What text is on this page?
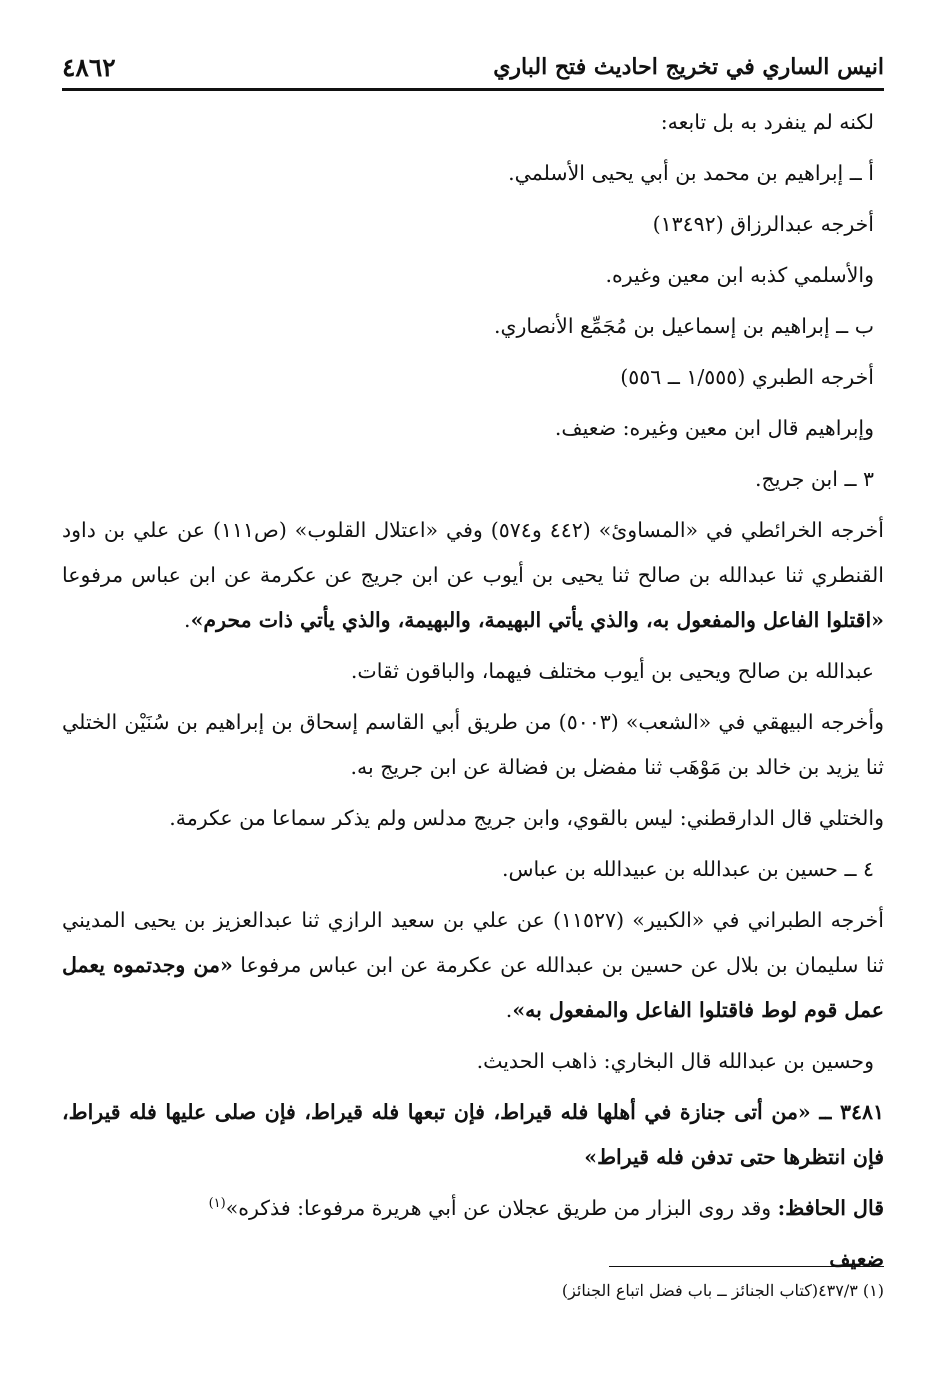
انيس الساري في تخريج احاديث فتح الباري
٤٨٦٢

لكنه لم ينفرد به بل تابعه:

أ ــ إبراهيم بن محمد بن أبي يحيى الأسلمي.

أخرجه عبدالرزاق (١٣٤٩٢)

والأسلمي كذبه ابن معين وغيره.

ب ــ إبراهيم بن إسماعيل بن مُجَمِّع الأنصاري.

أخرجه الطبري (١/٥٥٥ ــ ٥٥٦)

وإبراهيم قال ابن معين وغيره: ضعيف.

٣ ــ ابن جريج.

أخرجه الخرائطي في «المساوئ» (٤٤٢ و٥٧٤) وفي «اعتلال القلوب» (ص١١١) عن علي بن داود القنطري ثنا عبدالله بن صالح ثنا يحيى بن أيوب عن ابن جريج عن عكرمة عن ابن عباس مرفوعا «اقتلوا الفاعل والمفعول به، والذي يأتي البهيمة، والبهيمة، والذي يأتي ذات محرم».

عبدالله بن صالح ويحيى بن أيوب مختلف فيهما، والباقون ثقات.

وأخرجه البيهقي في «الشعب» (٥٠٠٣) من طريق أبي القاسم إسحاق بن إبراهيم بن سُنَيْن الختلي ثنا يزيد بن خالد بن مَوْهَب ثنا مفضل بن فضالة عن ابن جريج به.

والختلي قال الدارقطني: ليس بالقوي، وابن جريج مدلس ولم يذكر سماعا من عكرمة.

٤ ــ حسين بن عبدالله بن عبيدالله بن عباس.

أخرجه الطبراني في «الكبير» (١١٥٢٧) عن علي بن سعيد الرازي ثنا عبدالعزيز بن يحيى المديني ثنا سليمان بن بلال عن حسين بن عبدالله عن عكرمة عن ابن عباس مرفوعا «من وجدتموه يعمل عمل قوم لوط فاقتلوا الفاعل والمفعول به».

وحسين بن عبدالله قال البخاري: ذاهب الحديث.

٣٤٨١ ــ «من أتى جنازة في أهلها فله قيراط، فإن تبعها فله قيراط، فإن صلى عليها فله قيراط، فإن انتظرها حتى تدفن فله قيراط»

قال الحافظ: وقد روى البزار من طريق عجلان عن أبي هريرة مرفوعا: فذكره»$^{(١)}$

ضعيف

(١) ٤٣٧/٣(كتاب الجنائز ــ باب فضل اتباع الجنائز)
